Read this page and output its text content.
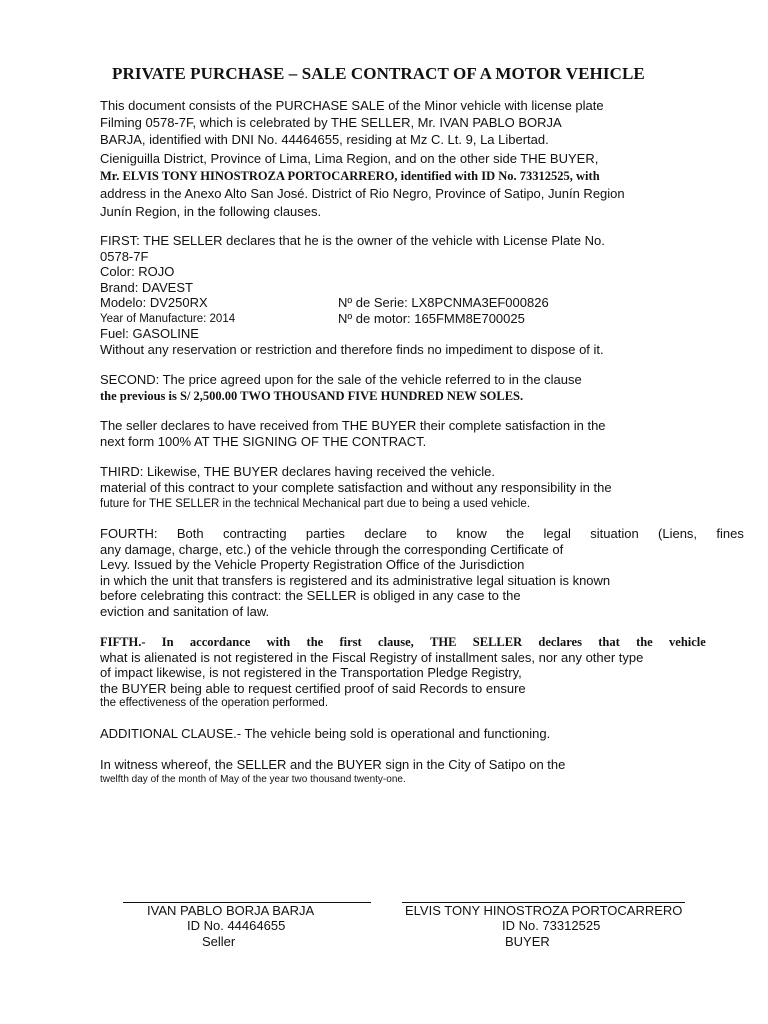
PRIVATE PURCHASE – SALE CONTRACT OF A MOTOR VEHICLE
This document consists of the PURCHASE SALE of the Minor vehicle with license plate
Filming 0578-7F, which is celebrated by THE SELLER, Mr. IVAN PABLO BORJA
BARJA, identified with DNI No. 44464655, residing at Mz C. Lt. 9, La Libertad.
Cieniguilla District, Province of Lima, Lima Region, and on the other side THE BUYER,
Mr. ELVIS TONY HINOSTROZA PORTOCARRERO, identified with ID No. 73312525, with
address in the Anexo Alto San José. District of Rio Negro, Province of Satipo, Junín Region
Junín Region, in the following clauses.
FIRST: THE SELLER declares that he is the owner of the vehicle with License Plate No.
0578-7F
Color: ROJO
Brand: DAVEST
Modelo: DV250RX	Nº de Serie: LX8PCNMA3EF000826
Year of Manufacture: 2014	Nº de motor: 165FMM8E700025
Fuel: GASOLINE
Without any reservation or restriction and therefore finds no impediment to dispose of it.
SECOND: The price agreed upon for the sale of the vehicle referred to in the clause
the previous is S/ 2,500.00 TWO THOUSAND FIVE HUNDRED NEW SOLES.
The seller declares to have received from THE BUYER their complete satisfaction in the
next form 100% AT THE SIGNING OF THE CONTRACT.
THIRD: Likewise, THE BUYER declares having received the vehicle.
material of this contract to your complete satisfaction and without any responsibility in the
future for THE SELLER in the technical Mechanical part due to being a used vehicle.
FOURTH: Both contracting parties declare to know the legal situation (Liens, fines
any damage, charge, etc.) of the vehicle through the corresponding Certificate of
Levy. Issued by the Vehicle Property Registration Office of the Jurisdiction
in which the unit that transfers is registered and its administrative legal situation is known
before celebrating this contract: the SELLER is obliged in any case to the
eviction and sanitation of law.
FIFTH.- In accordance with the first clause, THE SELLER declares that the vehicle
what is alienated is not registered in the Fiscal Registry of installment sales, nor any other type
of impact likewise, is not registered in the Transportation Pledge Registry,
the BUYER being able to request certified proof of said Records to ensure
the effectiveness of the operation performed.
ADDITIONAL CLAUSE.- The vehicle being sold is operational and functioning.
In witness whereof, the SELLER and the BUYER sign in the City of Satipo on the
twelfth day of the month of May of the year two thousand twenty-one.
IVAN PABLO BORJA BARJA
ID No. 44464655
Seller
ELVIS TONY HINOSTROZA PORTOCARRERO
ID No. 73312525
BUYER
